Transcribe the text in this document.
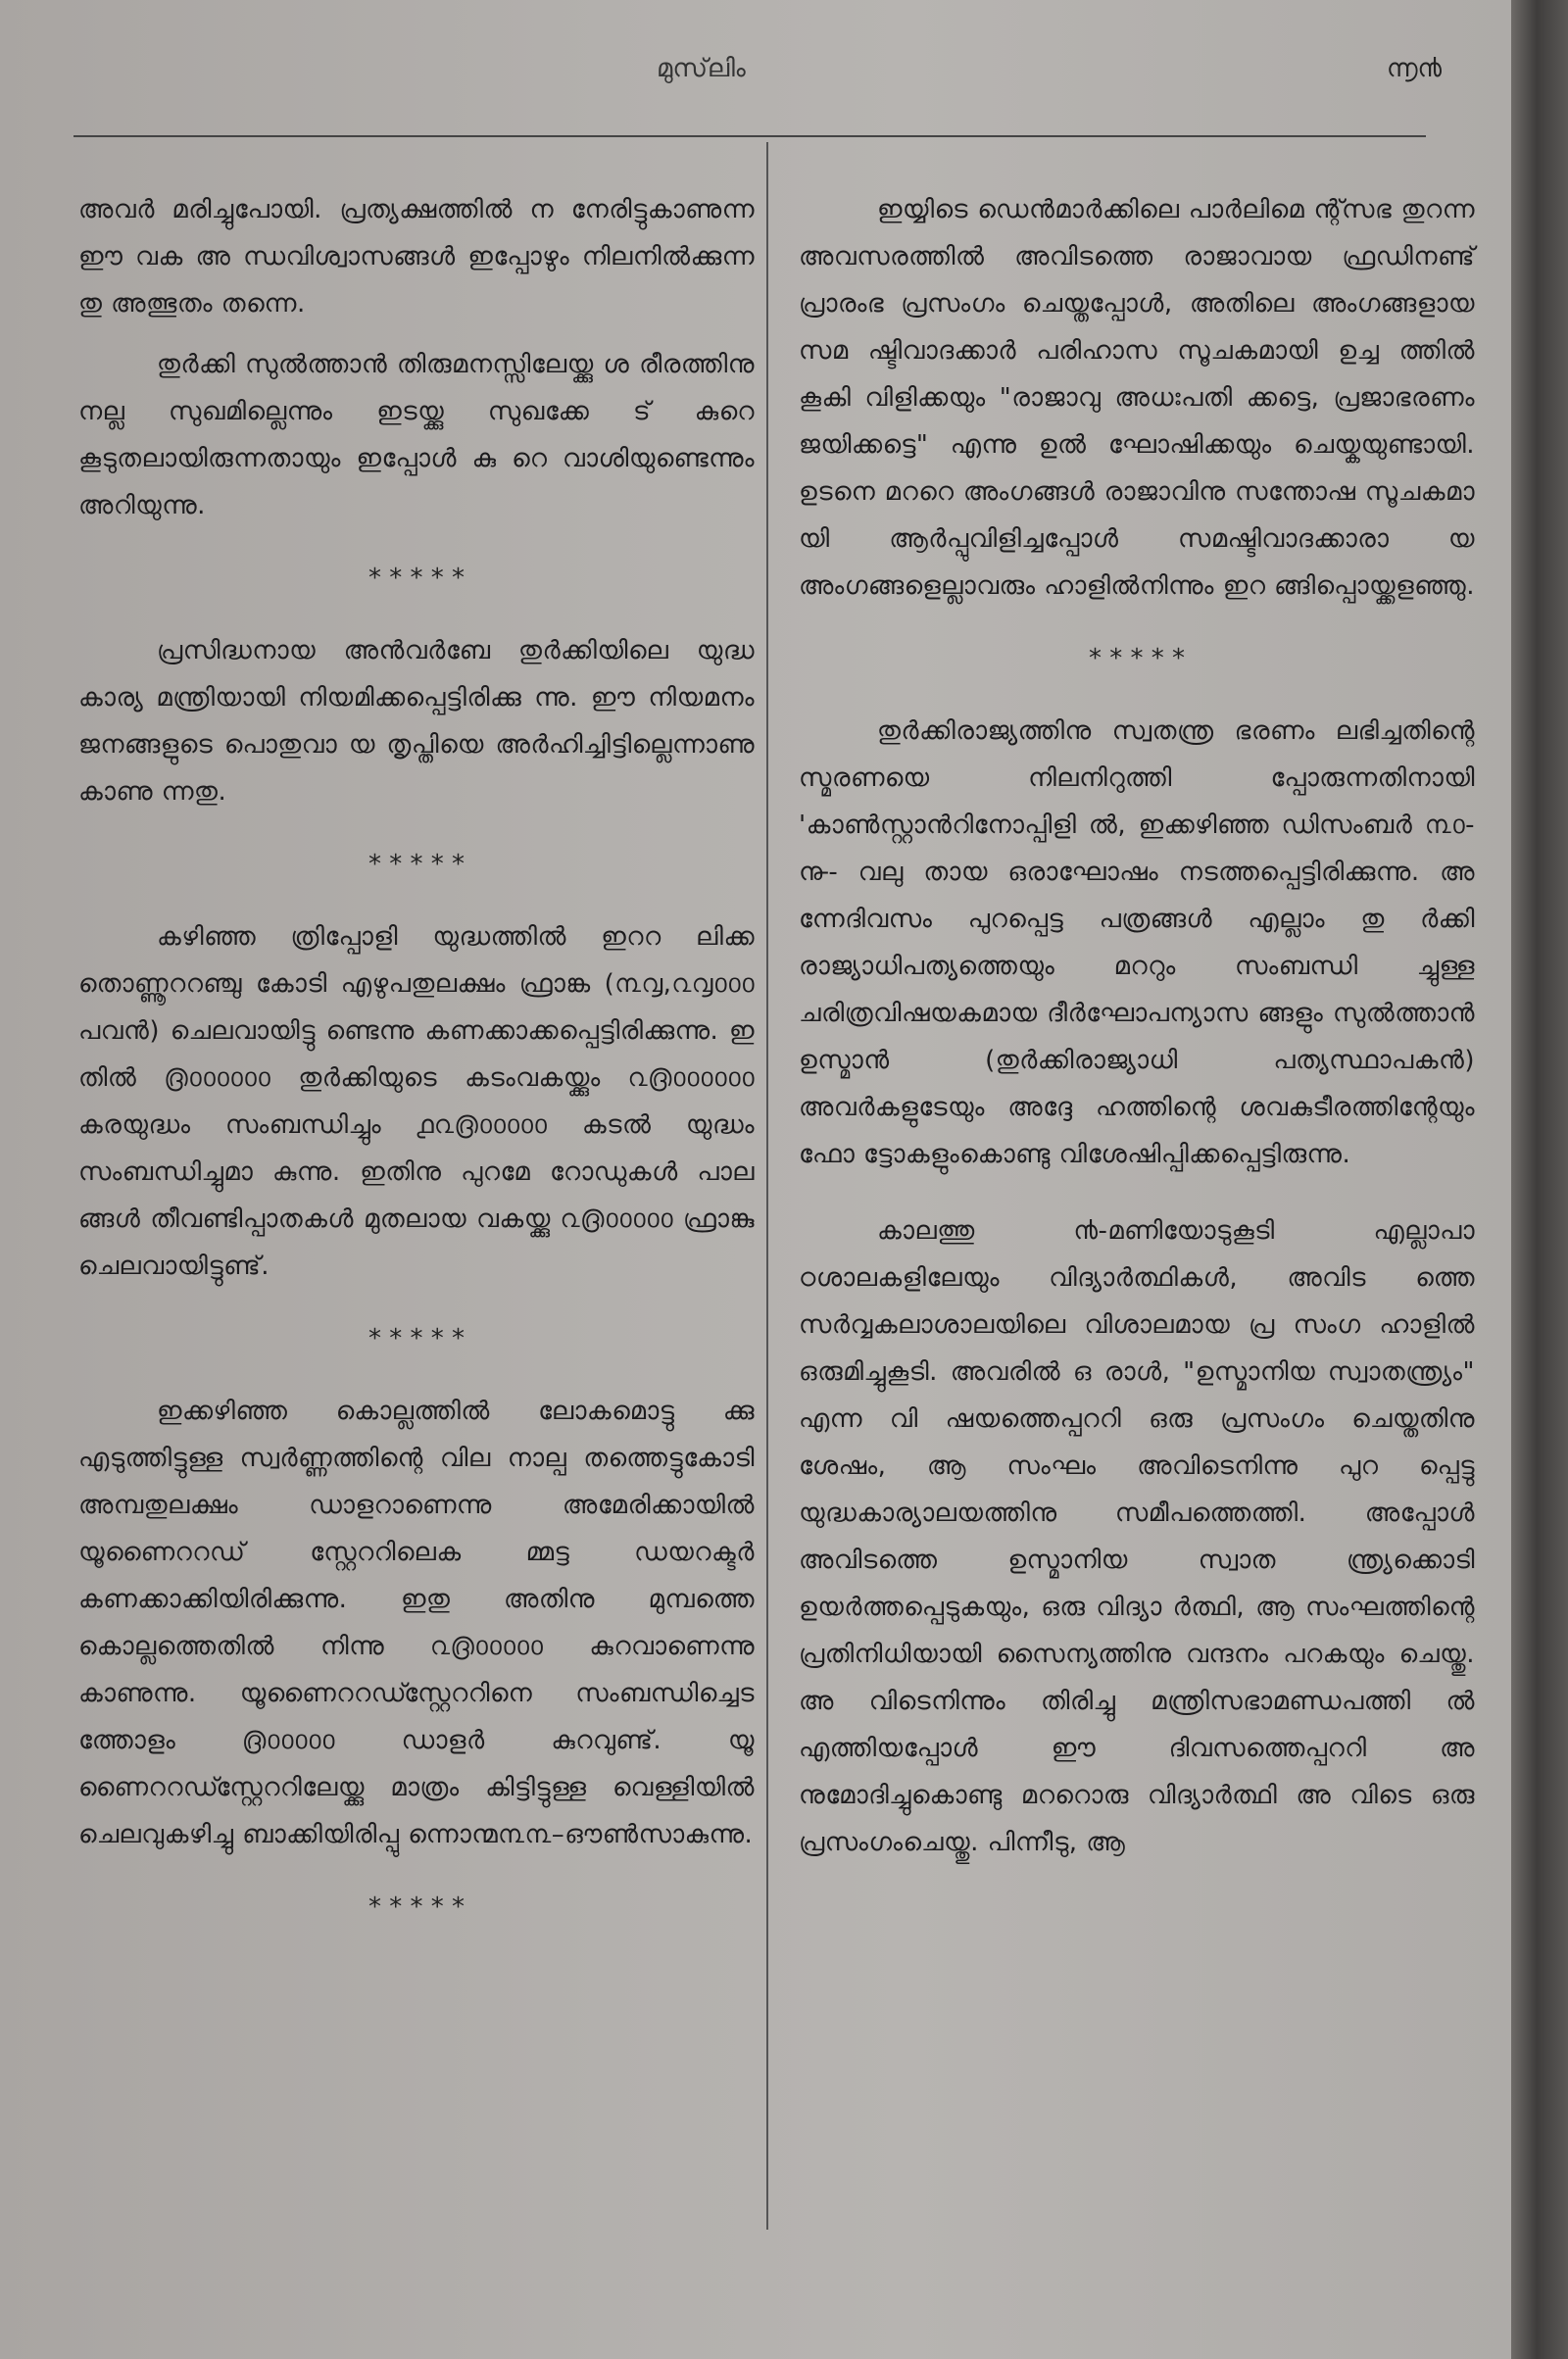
മുസ്‌ലിം	൬൯

അവർ മരിച്ചുപോയി. പ്രത്യക്ഷത്തിൽ ന നേരിട്ടുകാണുന്ന ഈ വക അ ന്ധവിശ്വാസങ്ങൾ ഇപ്പോഴും നിലനിൽക്കുന്ന തു അത്ഭുതം തന്നെ.

തുർക്കി സുൽത്താൻ തിരുമനസ്സിലേയ്ക്കു ശ രീരത്തിനു നല്ല സുഖമില്ലെന്നും ഇടയ്ക്കു സുഖക്കേ ട് കുറെ കൂടുതലായിരുന്നതായും ഇപ്പോൾ കു റെ വാശിയുണ്ടെന്നും അറിയുന്നു.

* * * * *

പ്രസിദ്ധനായ അൻവർബേ തുർക്കിയിലെ യുദ്ധ കാര്യ മന്ത്രിയായി നിയമിക്കപ്പെട്ടിരിക്കു ന്നു. ഈ നിയമനം ജനങ്ങളുടെ പൊതുവാ യ തൃപ്തിയെ അർഹിച്ചിട്ടില്ലെന്നാണു കാണു ന്നതു.

* * * * *

കഴിഞ്ഞ ത്രിപ്പോളി യുദ്ധത്തിൽ ഇററ ലിക്ക തൊണ്ണൂററഞ്ചു കോടി എഴുപതുലക്ഷം ഫ്രാങ്ക (൩൮,൨൮൦൦൦ പവൻ) ചെലവായിട്ടു ണ്ടെന്നു കണക്കാക്കപ്പെട്ടിരിക്കുന്നു. ഇ തിൽ ൫൦൦൦൦൦൦ തുർക്കിയുടെ കടംവകയ്ക്കും ൨൫൦൦൦൦൦൦ കരയുദ്ധം സംബന്ധിച്ചും ൧൨൫൦൦൦൦൦ കടൽ യുദ്ധം സംബന്ധിച്ചുമാ കുന്നു. ഇതിനു പുറമേ റോഡുകൾ പാല ങ്ങൾ തീവണ്ടിപ്പാതകൾ മുതലായ വകയ്ക്കു ൨൫൦൦൦൦൦ ഫ്രാങ്കു ചെലവായിട്ടുണ്ട്.

* * * * *

ഇക്കഴിഞ്ഞ കൊല്ലത്തിൽ ലോകമൊട്ടു ക്കു എടുത്തിട്ടുള്ള സ്വർണ്ണത്തിന്റെ വില നാല്പ തത്തെട്ടുകോടി അമ്പതുലക്ഷം ഡാളറാണെന്നു അമേരിക്കായിൽ യൂണൈററഡ് സ്റ്റേററിലെക മ്മട്ട ഡയറക്ടർ കണക്കാക്കിയിരിക്കുന്നു. ഇതു അതിനു മുമ്പത്തെ കൊല്ലത്തെതിൽ നിന്നു ൨൫൦൦൦൦൦ കുറവാണെന്നു കാണുന്നു. യൂണൈററഡ്സ്റ്റേററിനെ സംബന്ധിച്ചെട ത്തോളം ൫൦൦൦൦൦ ഡാളർ കുറവുണ്ട്. യൂ ണൈററഡ്സ്റ്റേററിലേയ്ക്കു മാത്രം കിട്ടിട്ടുള്ള വെള്ളിയിൽ ചെലവുകഴിച്ചു ബാക്കിയിരിപ്പു ന്നൊന്മ൩൩–ഔൺസാകുന്നു.

* * * * *

ഇയ്യിടെ ഡെൻമാർക്കിലെ പാർലിമെ ന്റ്സഭ തുറന്ന അവസരത്തിൽ അവിടത്തെ രാജാവായ ഫ്രഡിനണ്ട് പ്രാരംഭ പ്രസംഗം ചെയ്തപ്പോൾ, അതിലെ അംഗങ്ങളായ സമ ഷ്ടിവാദക്കാർ പരിഹാസ സൂചകമായി ഉച്ച ത്തിൽ കൂകി വിളിക്കയും "രാജാവു അധഃപതി ക്കട്ടെ, പ്രജാഭരണം ജയിക്കട്ടെ" എന്നു ഉൽ ഘോഷിക്കയും ചെയ്കയുണ്ടായി. ഉടനെ മററെ അംഗങ്ങൾ രാജാവിനു സന്തോഷ സൂചകമാ യി ആർപ്പുവിളിച്ചപ്പോൾ സമഷ്ടിവാദക്കാരാ യ അംഗങ്ങളെല്ലാവരും ഹാളിൽനിന്നും ഇറ ങ്ങിപ്പൊയ്ക്കളഞ്ഞു.

* * * * *

തുർക്കിരാജ്യത്തിനു സ്വതന്ത്ര ഭരണം ലഭിച്ചതിന്റെ സ്മരണയെ നിലനിറുത്തി പ്പോരുന്നതിനായി 'കാൺസ്റ്റാൻറിനോപ്പിളി ൽ, ഇക്കഴിഞ്ഞ ഡിസംബർ ൩൦-൹- വലു തായ ഒരാഘോഷം നടത്തപ്പെട്ടിരിക്കുന്നു. അ ന്നേദിവസം പുറപ്പെട്ട പത്രങ്ങൾ എല്ലാം തു ർക്കി രാജ്യാധിപത്യത്തെയും മററും സംബന്ധി ച്ചുള്ള ചരിത്രവിഷയകമായ ദീർഘോപന്യാസ ങ്ങളും സുൽത്താൻ ഉസ്മാൻ (തുർക്കിരാജ്യാധി പത്യസ്ഥാപകൻ) അവർകളുടേയും അദ്ദേ ഹത്തിന്റെ ശവകുടീരത്തിന്റേയും ഫോ ട്ടോകളുംകൊണ്ടു വിശേഷിപ്പിക്കപ്പെട്ടിരുന്നു.

കാലത്തു ൯-മണിയോടുകൂടി എല്ലാപാ ഠശാലകളിലേയും വിദ്യാർത്ഥികൾ, അവിട ത്തെ സർവ്വകലാശാലയിലെ വിശാലമായ പ്ര സംഗ ഹാളിൽ ഒരുമിച്ചുകൂടി. അവരിൽ ഒ രാൾ, "ഉസ്മാനിയ സ്വാതന്ത്ര്യം" എന്ന വി ഷയത്തെപ്പററി ഒരു പ്രസംഗം ചെയ്തതിനു ശേഷം, ആ സംഘം അവിടെനിന്നു പുറ പ്പെട്ടു യുദ്ധകാര്യാലയത്തിനു സമീപത്തെത്തി. അപ്പോൾ അവിടത്തെ ഉസ്മാനിയ സ്വാത ന്ത്ര്യക്കൊടി ഉയർത്തപ്പെടുകയും, ഒരു വിദ്യാ ർത്ഥി, ആ സംഘത്തിന്റെ പ്രതിനിധിയായി സൈന്യത്തിനു വന്ദനം പറകയും ചെയ്തു. അ വിടെനിന്നും തിരിച്ചു മന്ത്രിസഭാമണ്ഡപത്തി ൽ എത്തിയപ്പോൾ ഈ ദിവസത്തെപ്പററി അ നുമോദിച്ചുകൊണ്ടു മററൊരു വിദ്യാർത്ഥി അ വിടെ ഒരു പ്രസംഗംചെയ്തു. പിന്നീടു, ആ
